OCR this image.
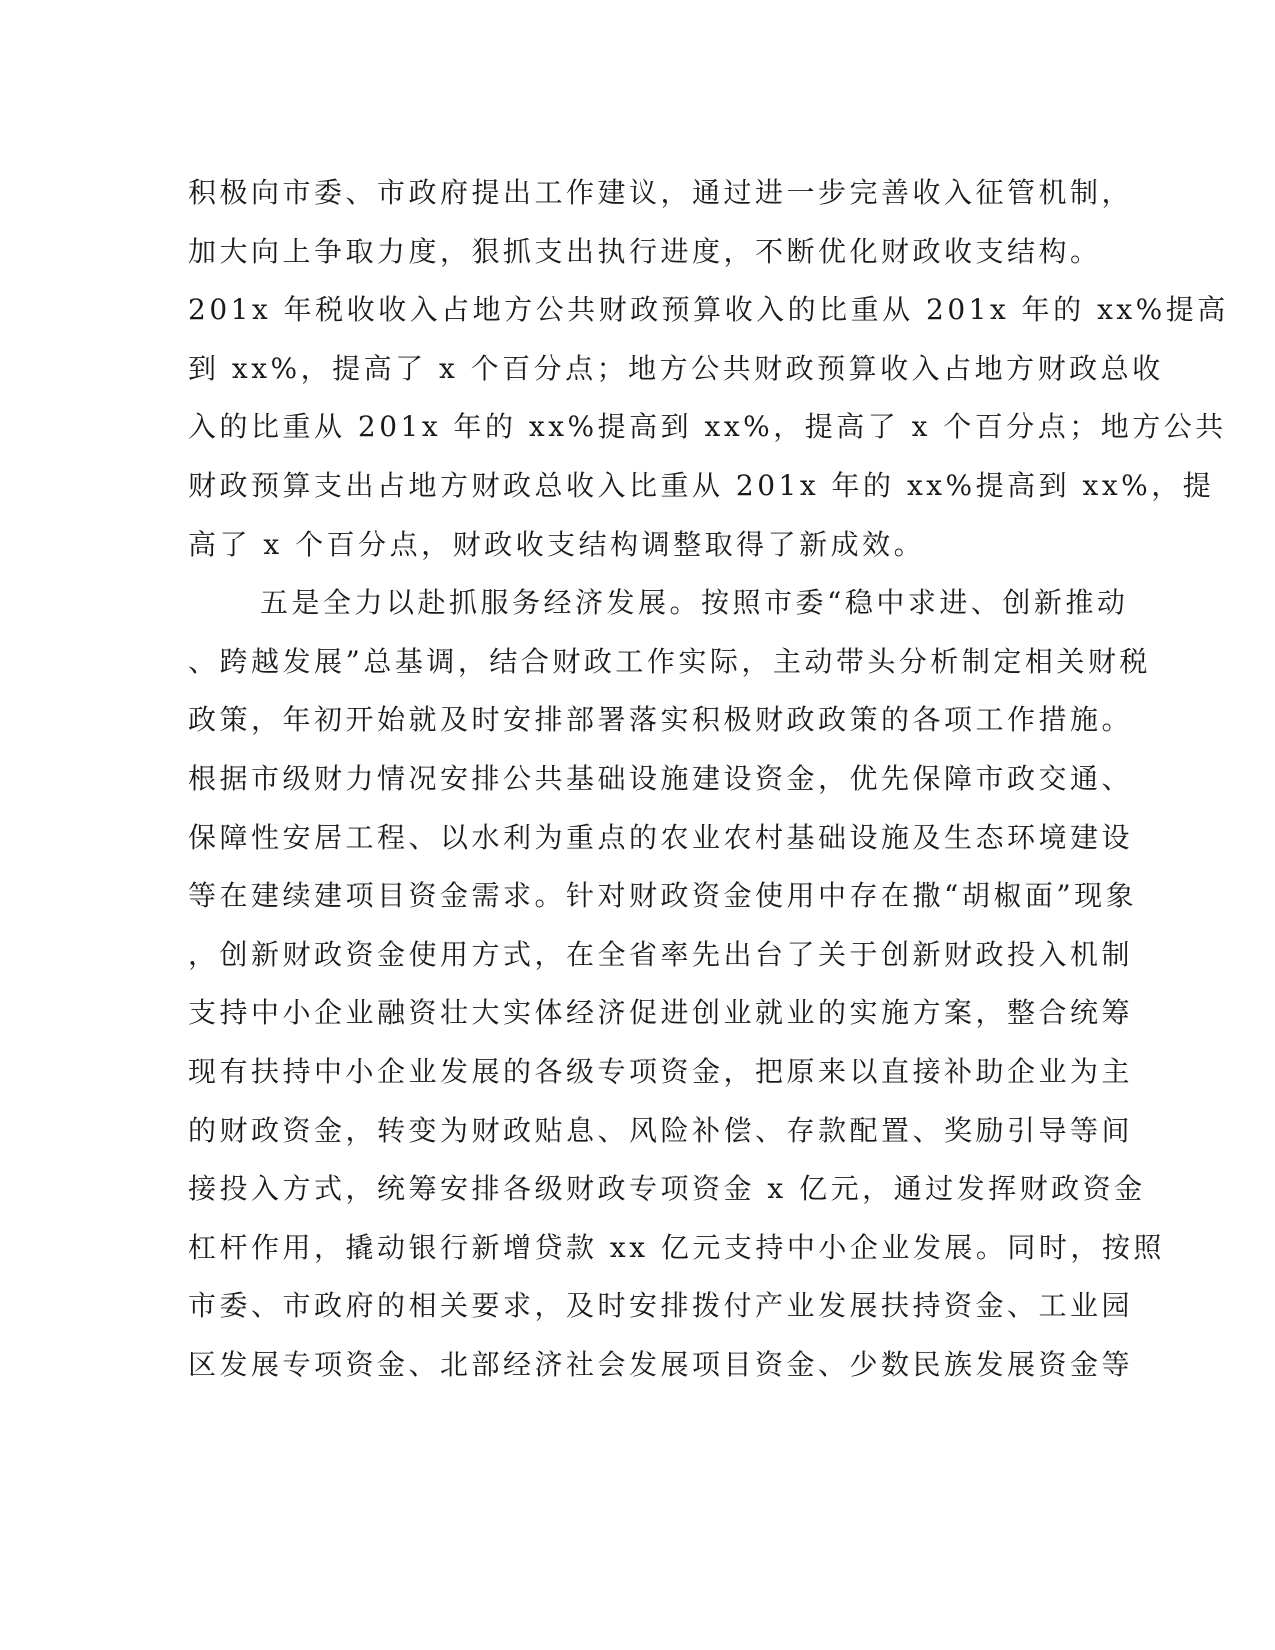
积极向市委、市政府提出工作建议，通过进一步完善收入征管机制，
加大向上争取力度，狠抓支出执行进度，不断优化财政收支结构。
201x 年税收收入占地方公共财政预算收入的比重从 201x 年的 xx%提高
到 xx%，提高了 x 个百分点；地方公共财政预算收入占地方财政总收
入的比重从 201x 年的 xx%提高到 xx%，提高了 x 个百分点；地方公共
财政预算支出占地方财政总收入比重从 201x 年的 xx%提高到 xx%，提
高了 x 个百分点，财政收支结构调整取得了新成效。
五是全力以赴抓服务经济发展。按照市委“稳中求进、创新推动
、跨越发展”总基调，结合财政工作实际，主动带头分析制定相关财税
政策，年初开始就及时安排部署落实积极财政政策的各项工作措施。
根据市级财力情况安排公共基础设施建设资金，优先保障市政交通、
保障性安居工程、以水利为重点的农业农村基础设施及生态环境建设
等在建续建项目资金需求。针对财政资金使用中存在撒“胡椒面”现象
，创新财政资金使用方式，在全省率先出台了关于创新财政投入机制
支持中小企业融资壮大实体经济促进创业就业的实施方案，整合统筹
现有扶持中小企业发展的各级专项资金，把原来以直接补助企业为主
的财政资金，转变为财政贴息、风险补偿、存款配置、奖励引导等间
接投入方式，统筹安排各级财政专项资金 x 亿元，通过发挥财政资金
杠杆作用，撬动银行新增贷款 xx 亿元支持中小企业发展。同时，按照
市委、市政府的相关要求，及时安排拨付产业发展扶持资金、工业园
区发展专项资金、北部经济社会发展项目资金、少数民族发展资金等
